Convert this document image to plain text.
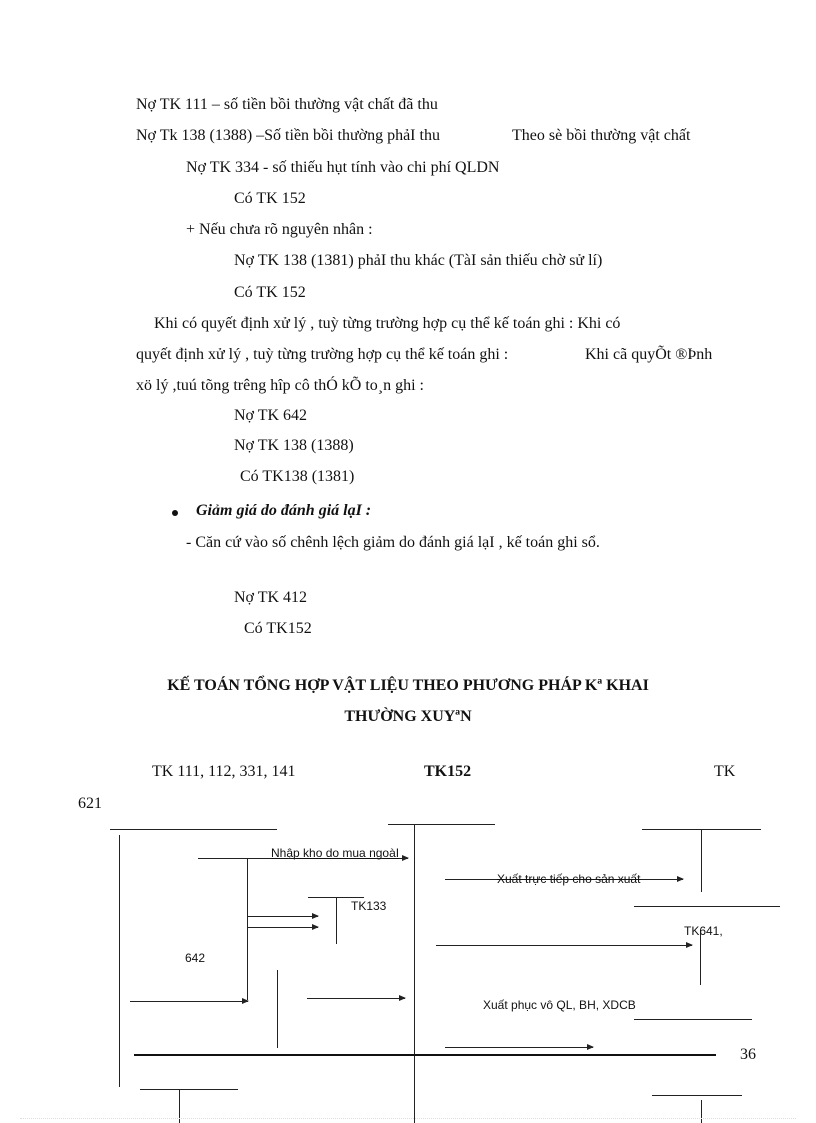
Nợ TK 111 – số tiền bồi thường vật chất đã thu
Nợ Tk 138 (1388) –Số tiền bồi thường phảI thu	Theo sè bồi thường vật chất
Nợ TK 334 - số thiếu hụt tính vào chi phí QLDN
Có TK 152
+ Nếu chưa rõ nguyên nhân :
Nợ TK 138 (1381) phảI thu khác (TàI sản thiếu chờ sử lí)
Có TK 152
Khi có quyết định xử lý , tuỳ từng trường hợp cụ thể kế toán ghi : Khi có
quyết định xử lý , tuỳ từng trường hợp cụ thể kế toán ghi :	Khi cã quyÕt ®Þnh
xö lý ,tuú tõng trêng hîp cô thÓ kÕ to¸n ghi :
Nợ TK 642
Nợ TK 138 (1388)
Có TK138 (1381)
Giảm giá do đánh giá lạI :
- Căn cứ vào số chênh lệch giảm do đánh giá lạI , kế toán ghi sổ.
Nợ TK 412
Có TK152
KẾ TOÁN TỔNG HỢP VẬT LIỆU THEO PHƯƠNG PHÁP Kª KHAI
THƯỜNG XUYªN
TK 111, 112, 331, 141	TK152	TK
621
Nhập kho do mua ngoàI
Xuất trực tiếp cho sản xuất
TK133
TK641,
642
Xuất phục vô QL, BH, XDCB
36
